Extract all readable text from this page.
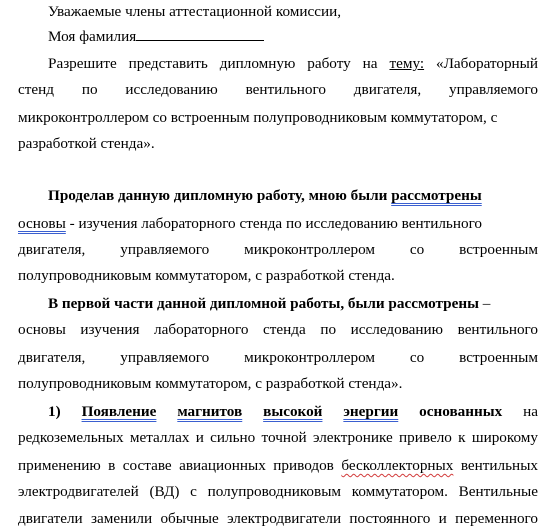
Уважаемые члены аттестационной комиссии,
Моя фамилия
Разрешите представить дипломную работу на тему: «Лабораторный
стенд по исследованию вентильного двигателя, управляемого
микроконтроллером со встроенным полупроводниковым коммутатором, с
разработкой стенда».
Проделав данную дипломную работу, мною были рассмотрены
основы - изучения лабораторного стенда по исследованию вентильного
двигателя, управляемого микроконтроллером со встроенным
полупроводниковым коммутатором, с разработкой стенда.
В первой части данной дипломной работы, были рассмотрены –
основы изучения лабораторного стенда по исследованию вентильного
двигателя, управляемого микроконтроллером со встроенным
полупроводниковым коммутатором, с разработкой стенда».
1) Появление магнитов высокой энергии основанных на
редкоземельных металлах и сильно точной электронике привело к широкому
применению в составе авиационных приводов бесколлекторных вентильных
электродвигателей (ВД) с полупроводниковым коммутатором. Вентильные
двигатели заменили обычные электродвигатели постоянного и переменного
